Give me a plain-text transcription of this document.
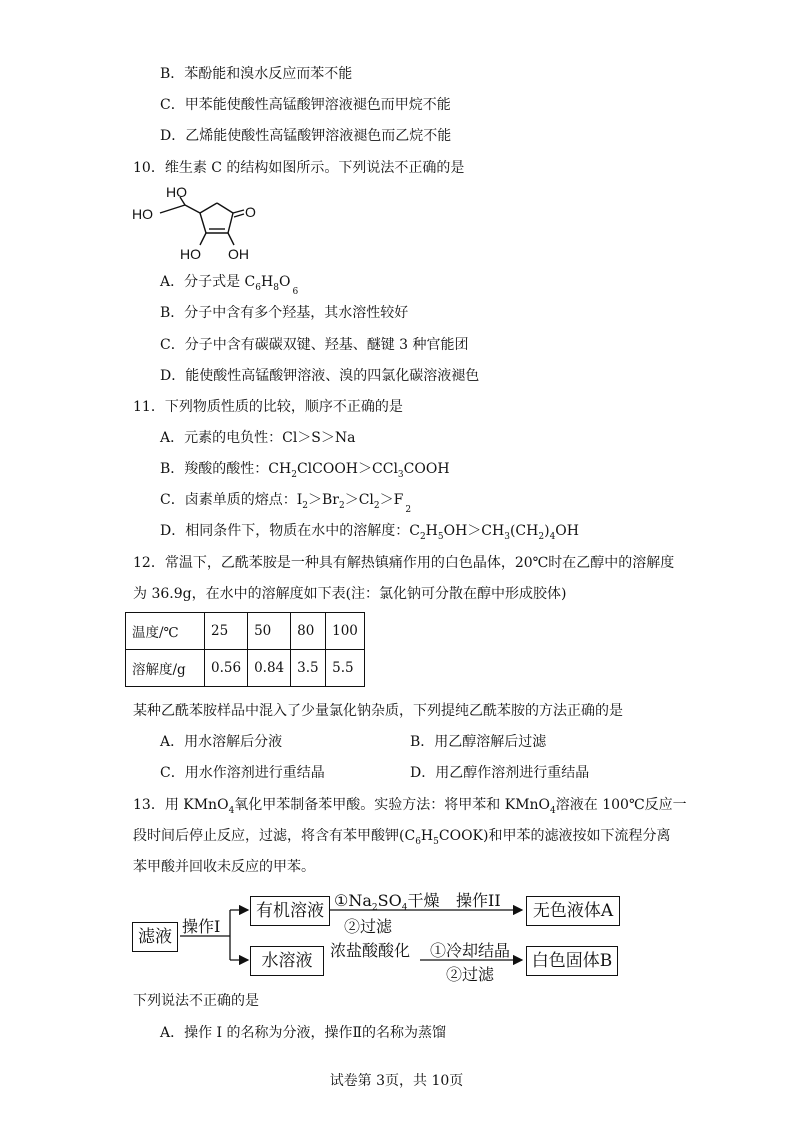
B．苯酚能和溴水反应而苯不能
C．甲苯能使酸性高锰酸钾溶液褪色而甲烷不能
D．乙烯能使酸性高锰酸钾溶液褪色而乙烷不能
10．维生素 C 的结构如图所示。下列说法不正确的是
HO
HO	O
HO OH
A．分子式是 $C_6H_8O_6$
B．分子中含有多个羟基，其水溶性较好
C．分子中含有碳碳双键、羟基、醚键 3 种官能团
D．能使酸性高锰酸钾溶液、溴的四氯化碳溶液褪色
11．下列物质性质的比较，顺序不正确的是
A．元素的电负性：Cl＞S＞Na
B．羧酸的酸性：$CH_2ClCOOH>CCl_3COOH$
C．卤素单质的熔点：$I_2>Br_2>Cl_2>F_2$
D．相同条件下，物质在水中的溶解度：$C_2H_5OH>CH_3(CH_2)_4OH$
12．常温下，乙酰苯胺是一种具有解热镇痛作用的白色晶体，20℃时在乙醇中的溶解度
为 36.9g，在水中的溶解度如下表(注：氯化钠可分散在醇中形成胶体)
温度/℃	25	50	80	100
溶解度/g	0.56	0.84	3.5	5.5
某种乙酰苯胺样品中混入了少量氯化钠杂质，下列提纯乙酰苯胺的方法正确的是
A．用水溶解后分液	B．用乙醇溶解后过滤
C．用水作溶剂进行重结晶	D．用乙醇作溶剂进行重结晶
13．用 KMnO$_4$氧化甲苯制备苯甲酸。实验方法：将甲苯和 KMnO$_4$溶液在 100℃反应一
段时间后停止反应，过滤，将含有苯甲酸钾$(C_6H_5COOK)$和甲苯的滤液按如下流程分离
苯甲酸并回收未反应的甲苯。
滤液
操作I
有机溶液
$①Na_2SO_4$干燥
②过滤
操作II
无色液体A
水溶液
浓盐酸酸化 ①冷却结晶
②过滤
白色固体B
下列说法不正确的是
A．操作 I 的名称为分液，操作Ⅱ的名称为蒸馏
试卷第 3页，共 10页
